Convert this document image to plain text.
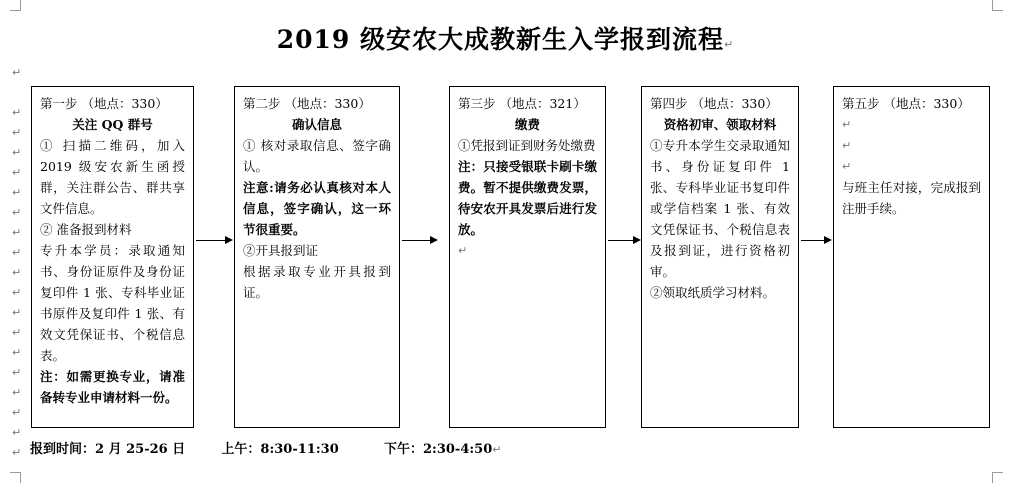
2019 级安农大成教新生入学报到流程↵
↵
↵
↵
↵
↵
↵
↵
↵
↵
↵
↵
↵
↵
↵
↵
↵
↵
↵
↵
第一步 （地点：330）
关注 QQ 群号
① 扫描二维码，加入 2019 级安农新生函授群，关注群公告、群共享文件信息。
② 准备报到材料
专升本学员：录取通知书、身份证原件及身份证复印件 1 张、专科毕业证书原件及复印件 1 张、有效文凭保证书、个税信息表。
注：如需更换专业，请准备转专业申请材料一份。
第二步 （地点：330）
确认信息
① 核对录取信息、签字确认。
注意:请务必认真核对本人信息，签字确认，这一环节很重要。
②开具报到证
根据录取专业开具报到证。
第三步 （地点：321）
缴费
①凭报到证到财务处缴费
注：只接受银联卡刷卡缴费。暂不提供缴费发票，待安农开具发票后进行发放。
↵
第四步 （地点：330）
资格初审、领取材料
①专升本学生交录取通知书、身份证复印件 1 张、专科毕业证书复印件或学信档案 1 张、有效文凭保证书、个税信息表及报到证，进行资格初审。
②领取纸质学习材料。
第五步 （地点：330）
↵
↵
↵
与班主任对接，完成报到注册手续。
报到时间：2 月 25-26 日	上午：8:30-11:30	下午：2:30-4:50↵
